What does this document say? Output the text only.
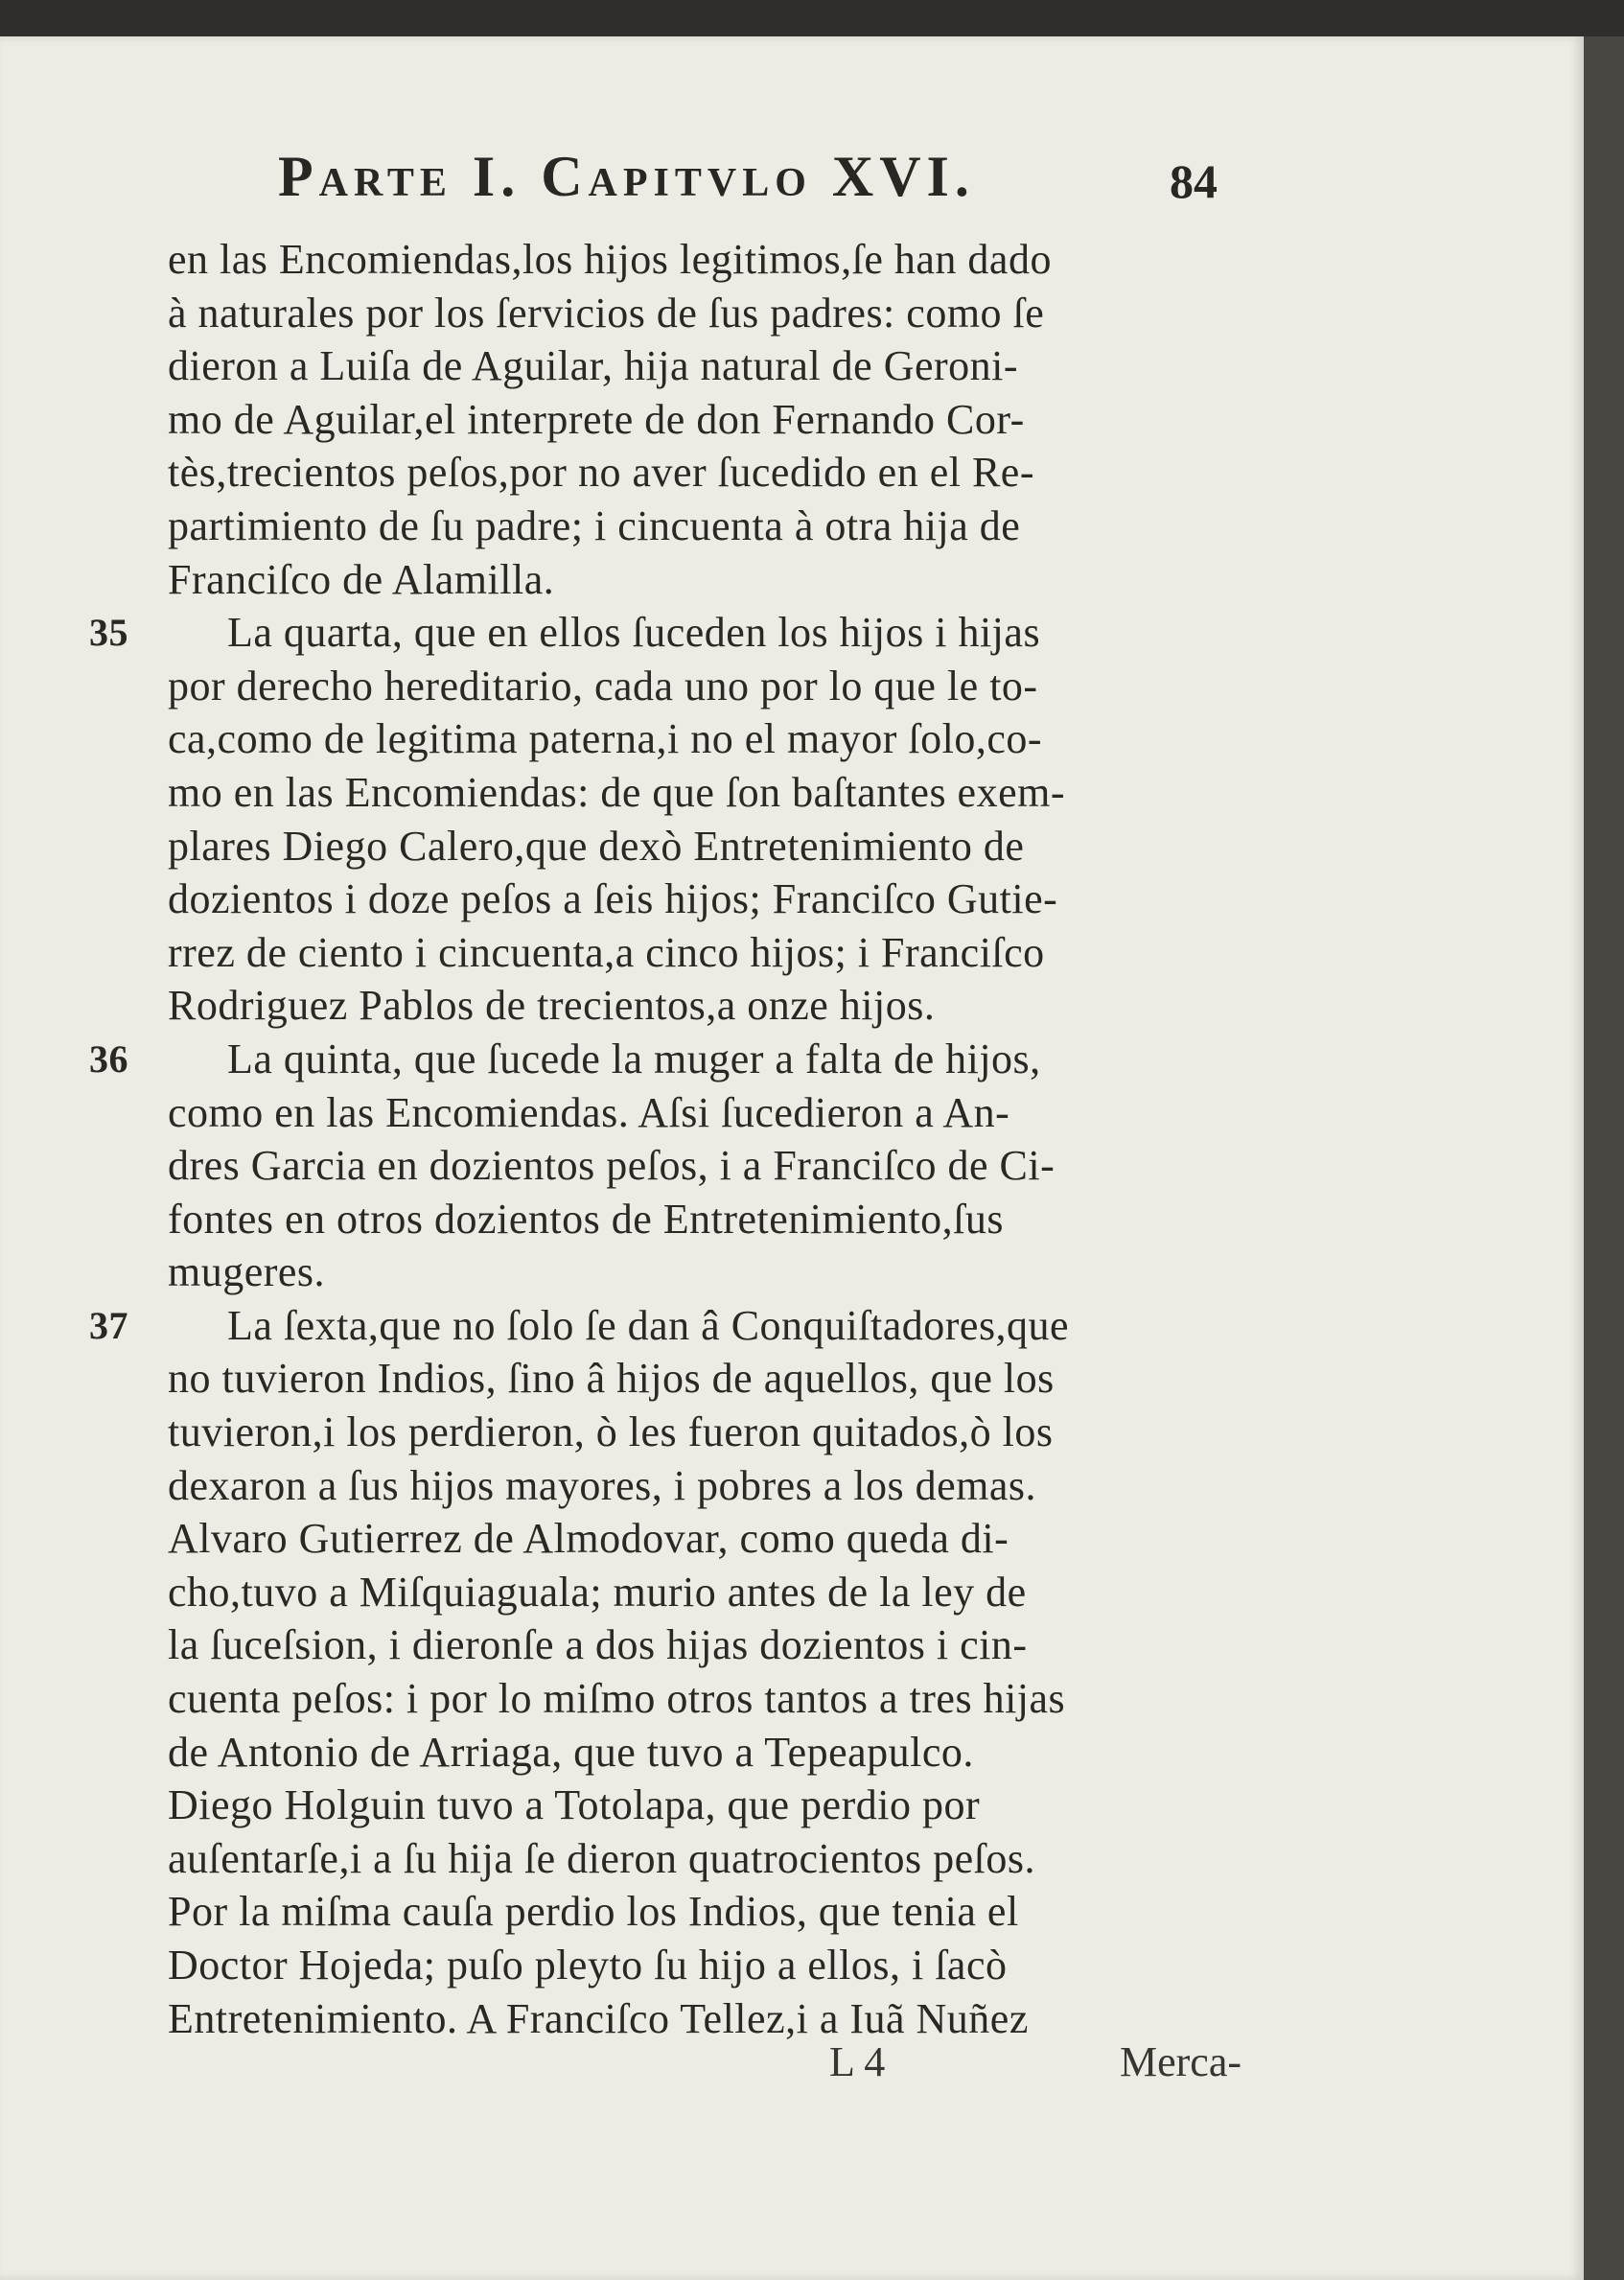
Parte I. Capitvlo XVI.	84
en las Encomiendas,los hijos legitimos,ſe han dado
à naturales por los ſervicios de ſus padres: como ſe
dieron a Luiſa de Aguilar, hija natural de Geroni-
mo de Aguilar,el interprete de don Fernando Cor-
tès,trecientos peſos,por no aver ſucedido en el Re-
partimiento de ſu padre; i cincuenta à otra hija de
Franciſco de Alamilla.
35	La quarta, que en ellos ſuceden los hijos i hijas
por derecho hereditario, cada uno por lo que le to-
ca,como de legitima paterna,i no el mayor ſolo,co-
mo en las Encomiendas: de que ſon baſtantes exem-
plares Diego Calero,que dexò Entretenimiento de
dozientos i doze peſos a ſeis hijos; Franciſco Gutie-
rrez de ciento i cincuenta,a cinco hijos; i Franciſco
Rodriguez Pablos de trecientos,a onze hijos.
36	La quinta, que ſucede la muger a falta de hijos,
como en las Encomiendas. Aſsi ſucedieron a An-
dres Garcia en dozientos peſos, i a Franciſco de Ci-
fontes en otros dozientos de Entretenimiento,ſus
mugeres.
37	La ſexta,que no ſolo ſe dan â Conquiſtadores,que
no tuvieron Indios, ſino â hijos de aquellos, que los
tuvieron,i los perdieron, ò les fueron quitados,ò los
dexaron a ſus hijos mayores, i pobres a los demas.
Alvaro Gutierrez de Almodovar, como queda di-
cho,tuvo a Miſquiaguala; murio antes de la ley de
la ſuceſsion, i dieronſe a dos hijas dozientos i cin-
cuenta peſos: i por lo miſmo otros tantos a tres hijas
de Antonio de Arriaga, que tuvo a Tepeapulco.
Diego Holguin tuvo a Totolapa, que perdio por
auſentarſe,i a ſu hija ſe dieron quatrocientos peſos.
Por la miſma cauſa perdio los Indios, que tenia el
Doctor Hojeda; puſo pleyto ſu hijo a ellos, i ſacò
Entretenimiento. A Franciſco Tellez,i a Iuã Nuñez
L 4	Merca-
